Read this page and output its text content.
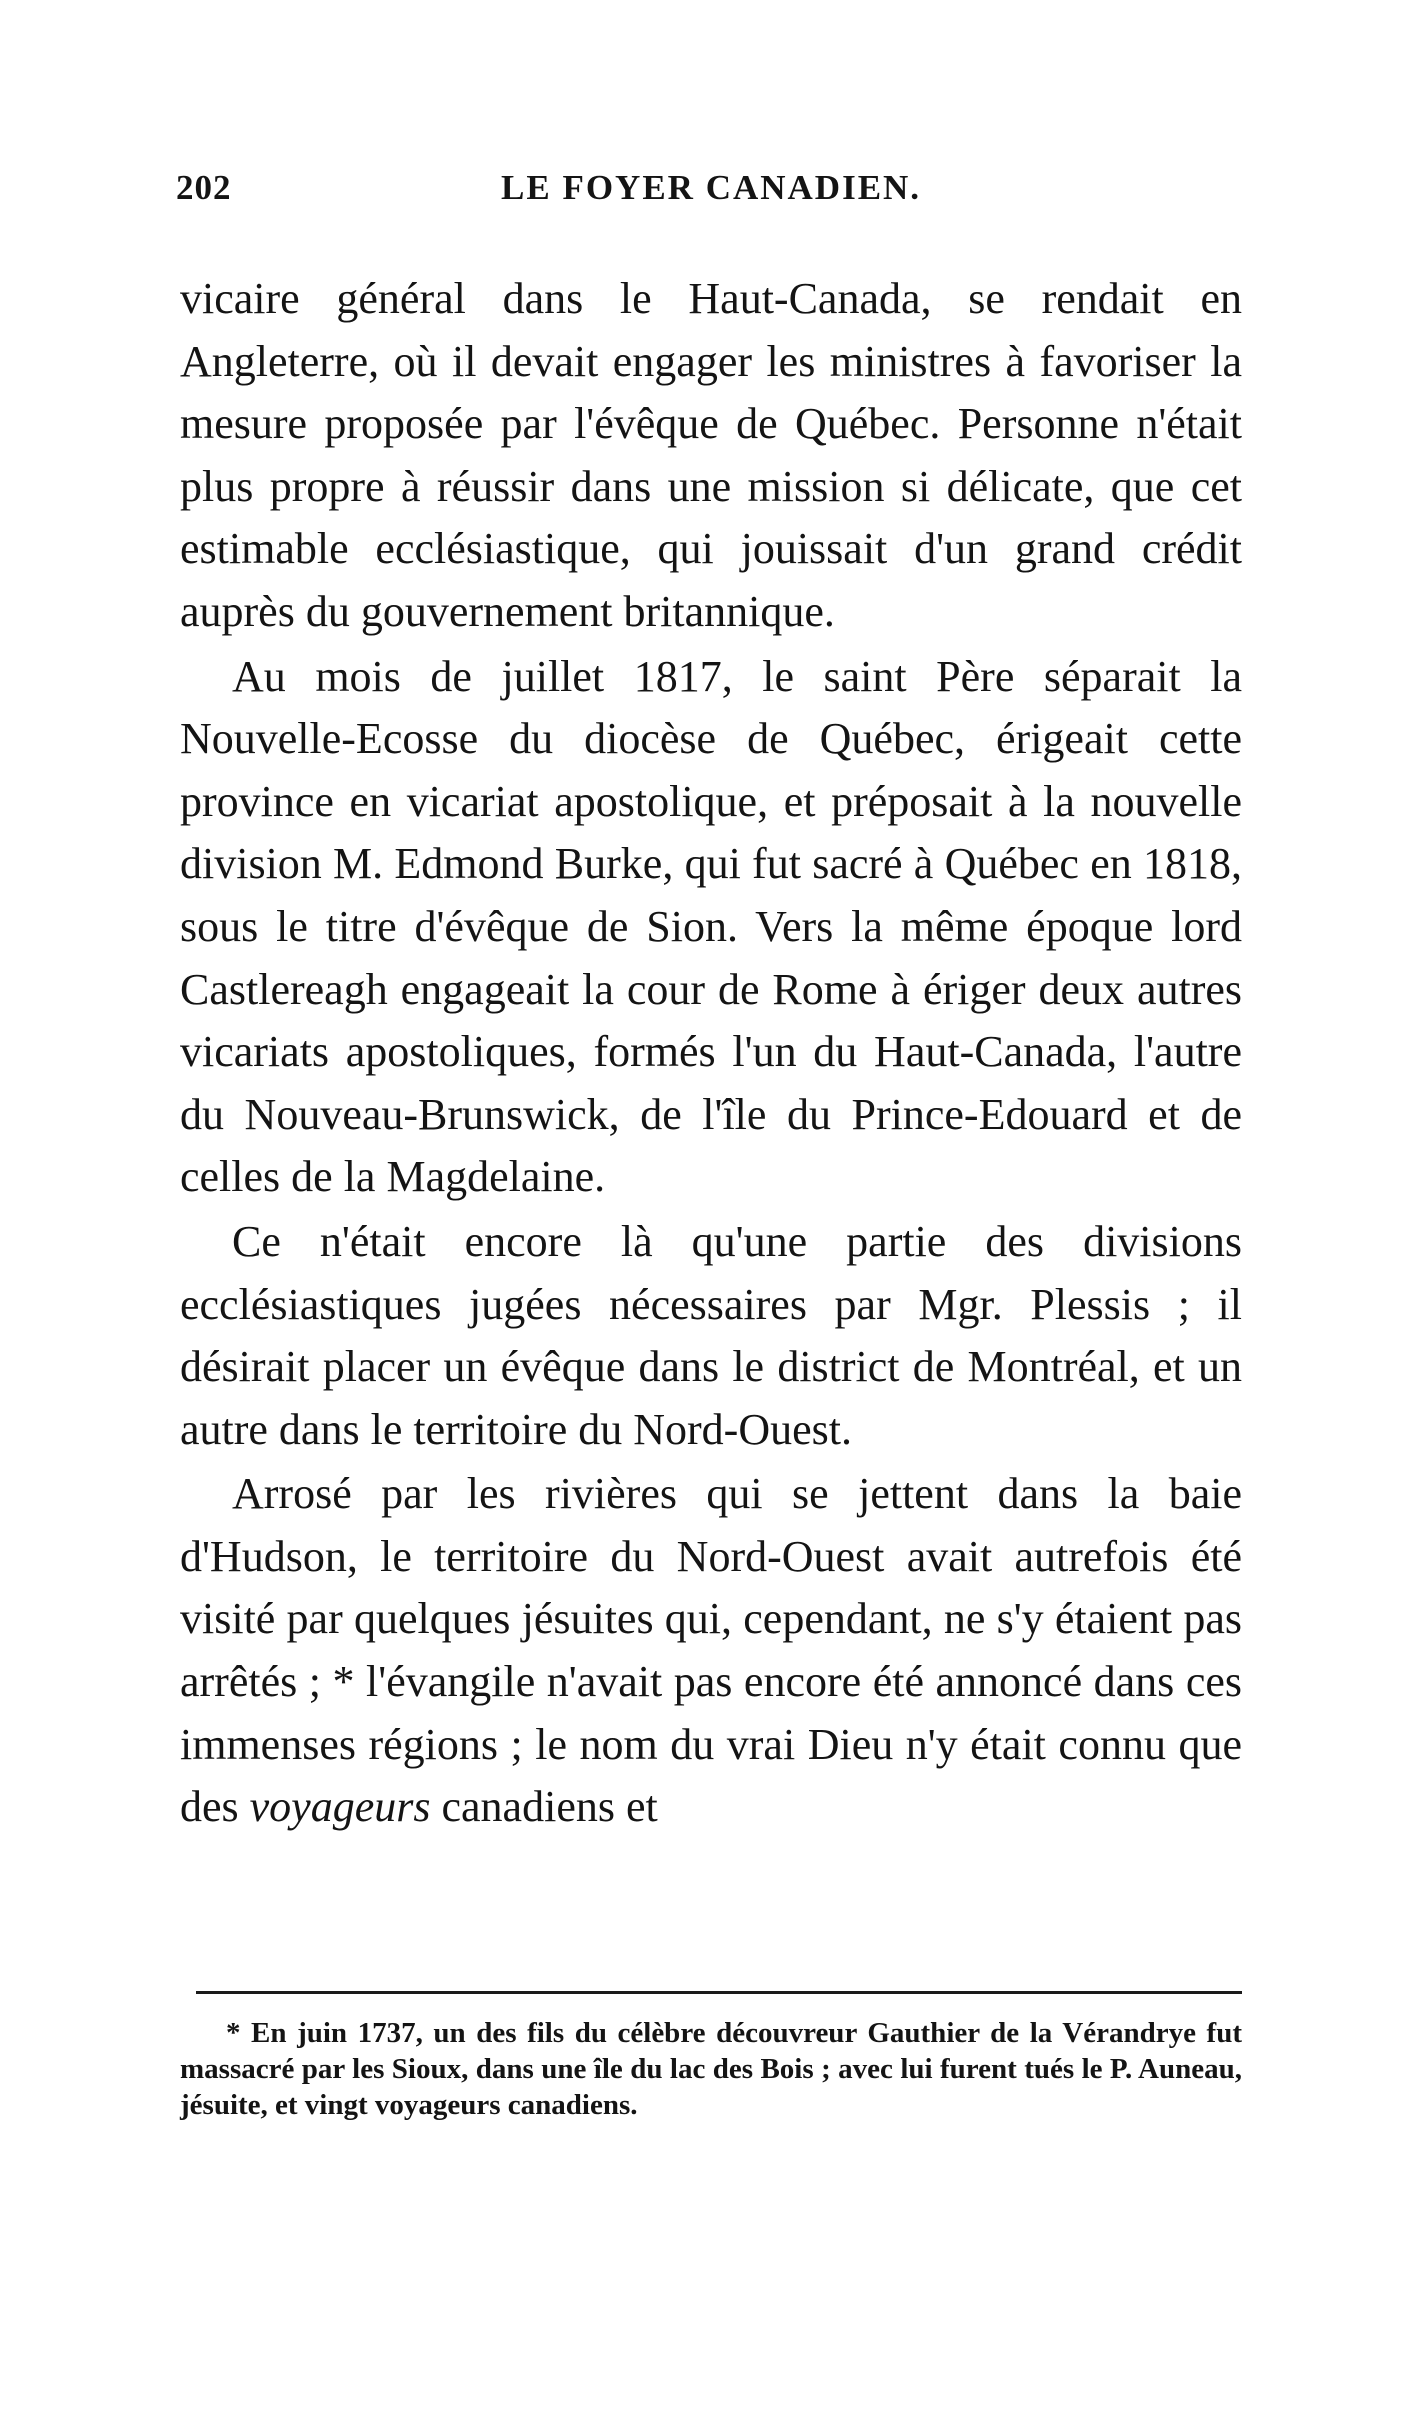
202	LE FOYER CANADIEN.

vicaire général dans le Haut-Canada, se rendait en Angleterre, où il devait engager les ministres à favoriser la mesure proposée par l'évêque de Québec. Personne n'était plus propre à réussir dans une mission si délicate, que cet estimable ecclésiastique, qui jouissait d'un grand crédit auprès du gouvernement britannique.

Au mois de juillet 1817, le saint Père séparait la Nouvelle-Ecosse du diocèse de Québec, érigeait cette province en vicariat apostolique, et préposait à la nouvelle division M. Edmond Burke, qui fut sacré à Québec en 1818, sous le titre d'évêque de Sion. Vers la même époque lord Castlereagh engageait la cour de Rome à ériger deux autres vicariats apostoliques, formés l'un du Haut-Canada, l'autre du Nouveau-Brunswick, de l'île du Prince-Edouard et de celles de la Magdelaine.

Ce n'était encore là qu'une partie des divisions ecclésiastiques jugées nécessaires par Mgr. Plessis ; il désirait placer un évêque dans le district de Montréal, et un autre dans le territoire du Nord-Ouest.

Arrosé par les rivières qui se jettent dans la baie d'Hudson, le territoire du Nord-Ouest avait autrefois été visité par quelques jésuites qui, cependant, ne s'y étaient pas arrêtés ; * l'évangile n'avait pas encore été annoncé dans ces immenses régions ; le nom du vrai Dieu n'y était connu que des voyageurs canadiens et

* En juin 1737, un des fils du célèbre découvreur Gauthier de la Vérandrye fut massacré par les Sioux, dans une île du lac des Bois ; avec lui furent tués le P. Auneau, jésuite, et vingt voyageurs canadiens.
